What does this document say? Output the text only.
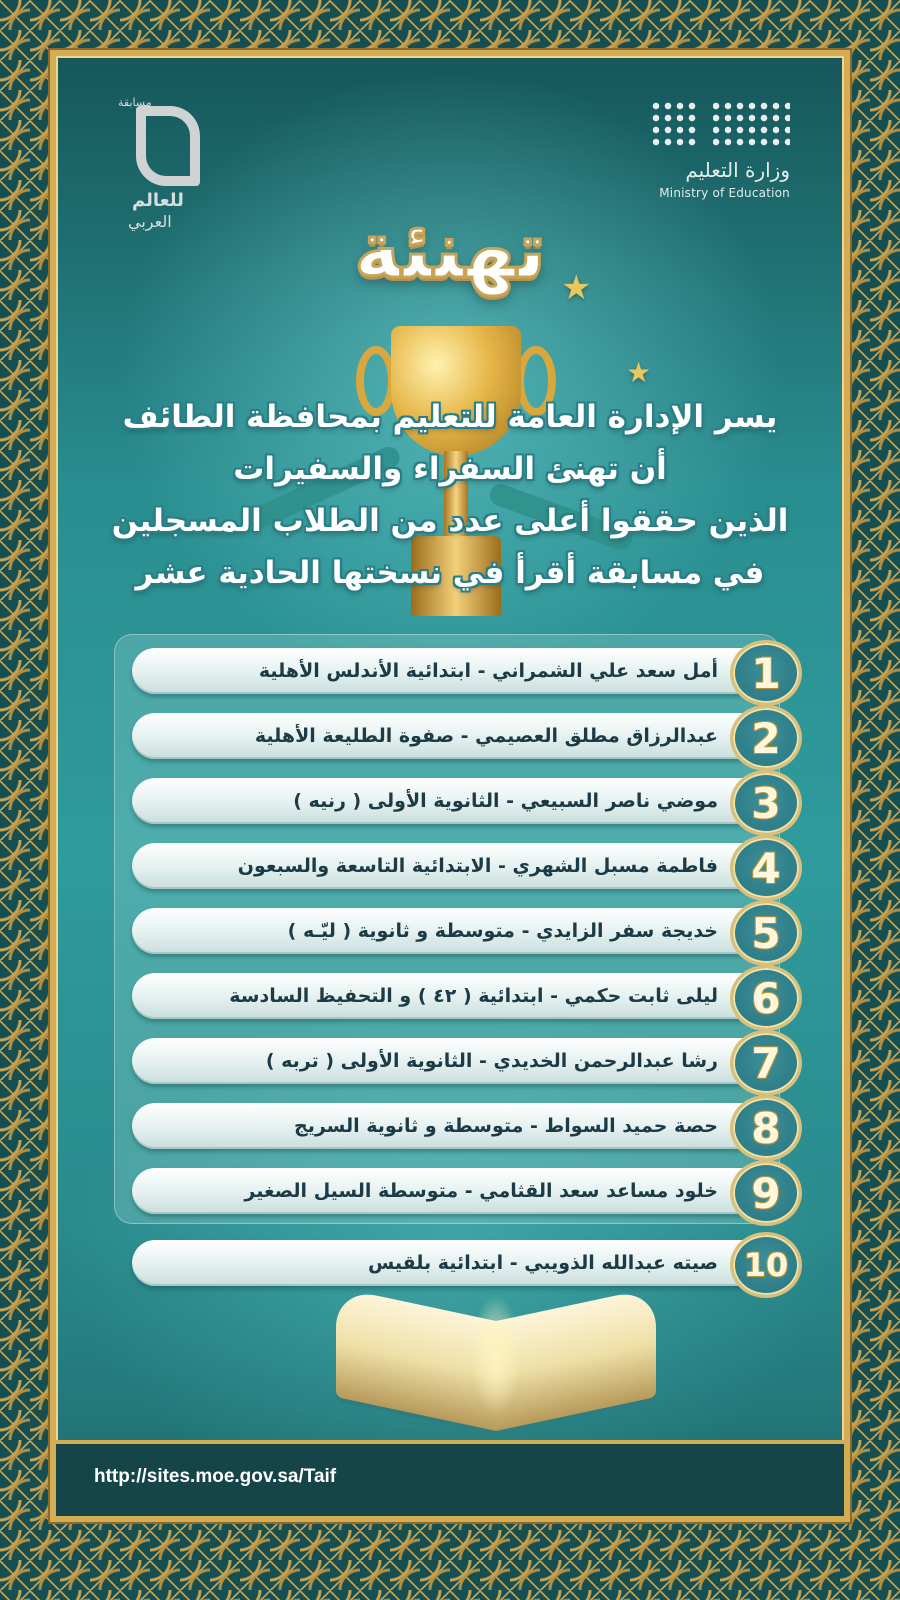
مسابقة
للعالم
العربي
وزارة التعليم
Ministry of Education
تهنئة ★
★
يسر الإدارة العامة للتعليم بمحافظة الطائف
أن تهنئ السفراء والسفيرات
الذين حققوا أعلى عدد من الطلاب المسجلين
في مسابقة أقرأ في نسختها الحادية عشر
أمل سعد علي الشمراني - ابتدائية الأندلس الأهلية 1
عبدالرزاق مطلق العصيمي - صفوة الطليعة الأهلية 2
موضي ناصر السبيعي - الثانوية الأولى ( رنيه ) 3
فاطمة مسبل الشهري - الابتدائية التاسعة والسبعون 4
خديجة سفر الزايدي - متوسطة و ثانوية ( ليّـه ) 5
ليلى ثابت حكمي - ابتدائية ( ٤٢ ) و التحفيظ السادسة 6
رشا عبدالرحمن الخديدي - الثانوية الأولى ( تربه ) 7
حصة حميد السواط - متوسطة و ثانوية السريج 8
خلود مساعد سعد القثامي - متوسطة السيل الصغير 9
صيته عبدالله الذويبي - ابتدائية بلقيس 10
http://sites.moe.gov.sa/Taif
